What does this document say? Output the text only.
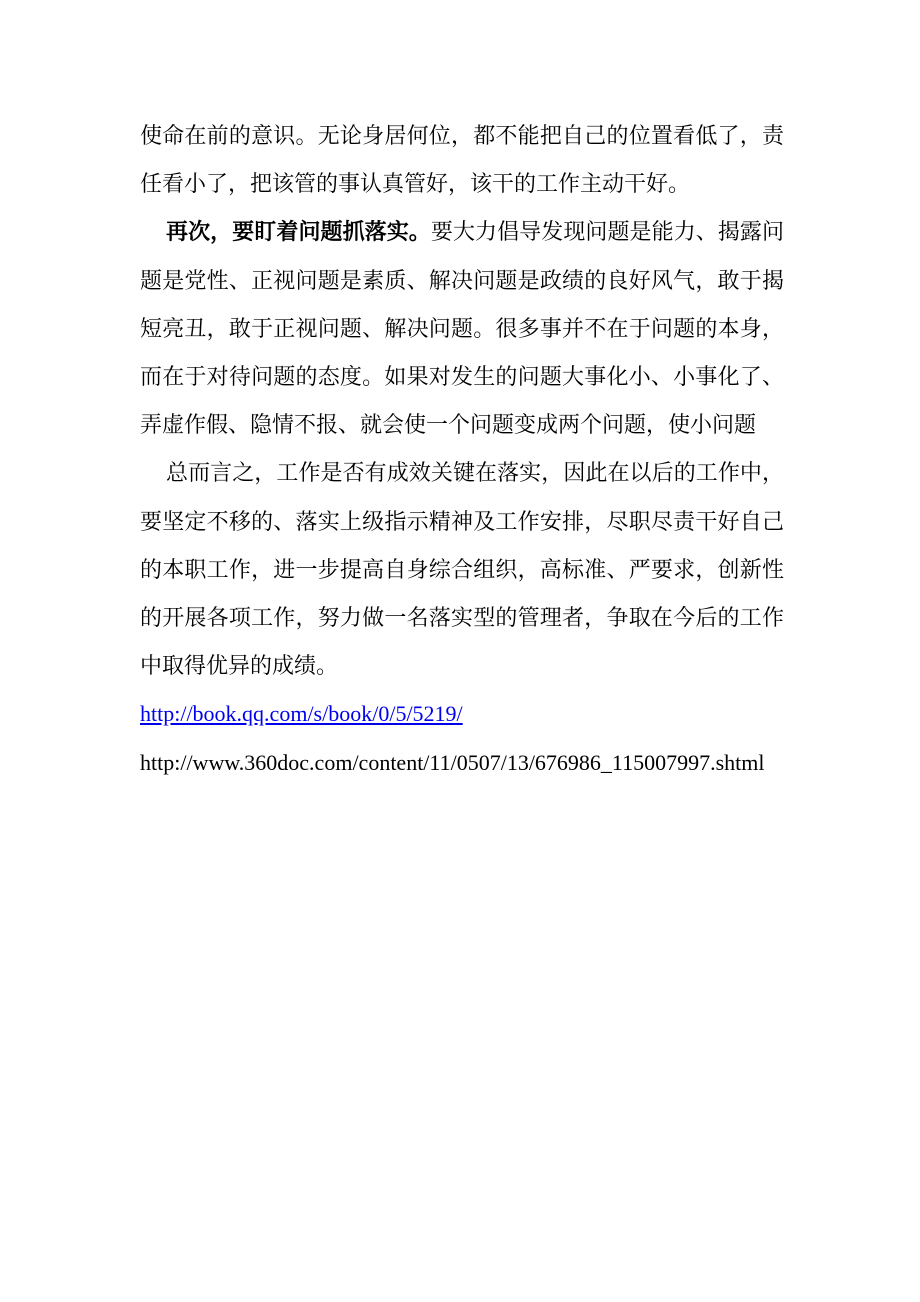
使命在前的意识。无论身居何位，都不能把自己的位置看低了，责任看小了，把该管的事认真管好，该干的工作主动干好。

再次，要盯着问题抓落实。要大力倡导发现问题是能力、揭露问题是党性、正视问题是素质、解决问题是政绩的良好风气，敢于揭短亮丑，敢于正视问题、解决问题。很多事并不在于问题的本身，而在于对待问题的态度。如果对发生的问题大事化小、小事化了、弄虚作假、隐情不报、就会使一个问题变成两个问题，使小问题

总而言之，工作是否有成效关键在落实，因此在以后的工作中，要坚定不移的、落实上级指示精神及工作安排，尽职尽责干好自己的本职工作，进一步提高自身综合组织，高标准、严要求，创新性的开展各项工作，努力做一名落实型的管理者，争取在今后的工作中取得优异的成绩。

http://book.qq.com/s/book/0/5/5219/

http://www.360doc.com/content/11/0507/13/676986_115007997.shtml
